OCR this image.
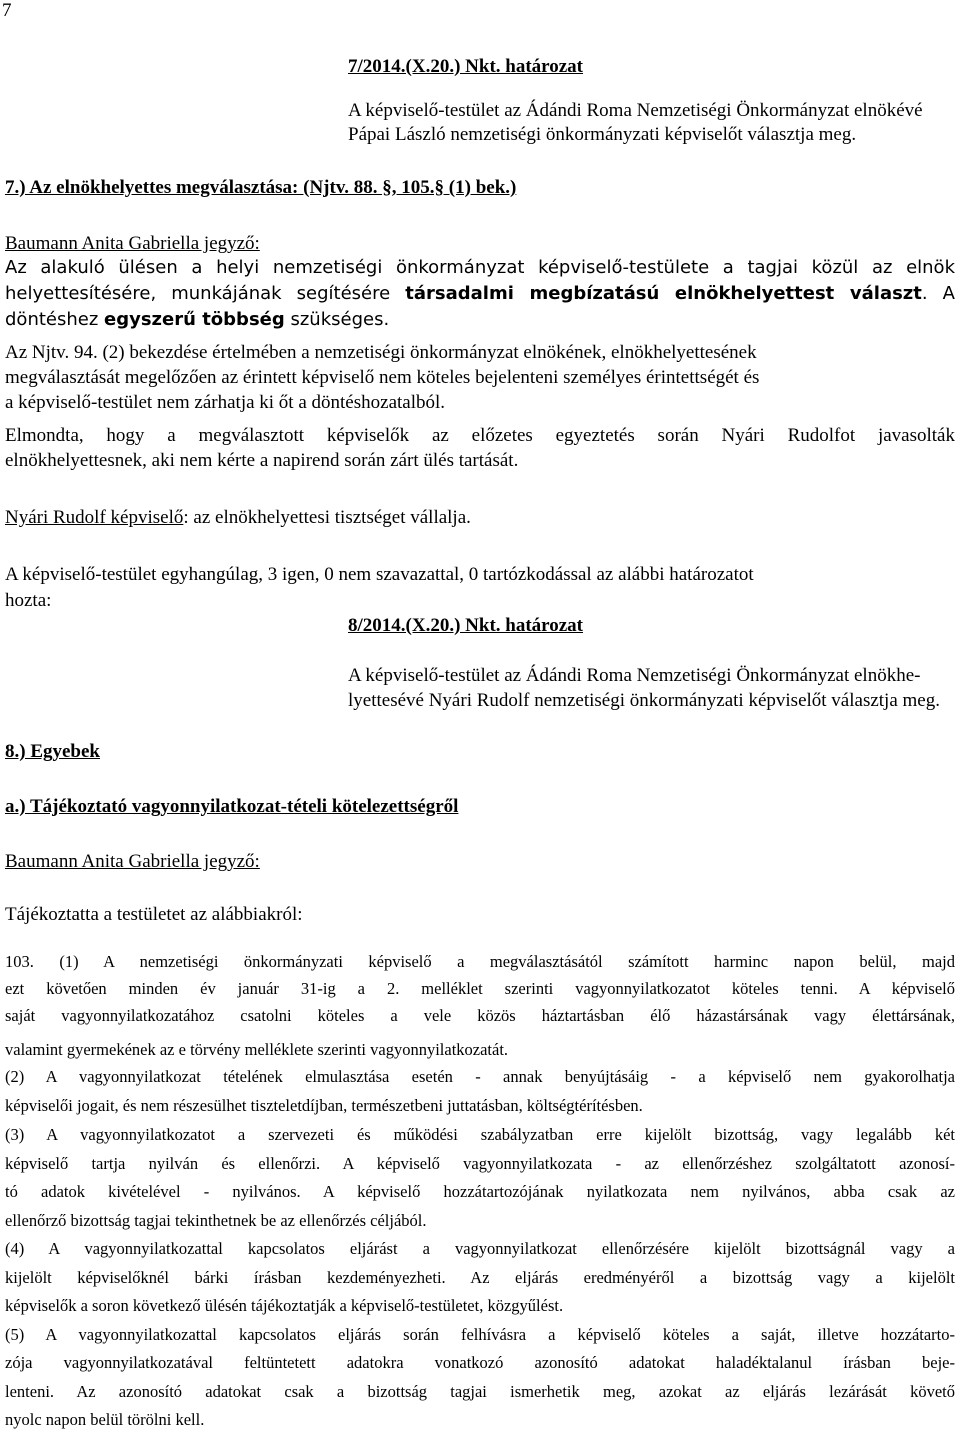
7
7/2014.(X.20.) Nkt. határozat
A képviselő-testület az Ádándi Roma Nemzetiségi Önkormányzat elnökévé
Pápai László nemzetiségi önkormányzati képviselőt választja meg.
7.) Az elnökhelyettes megválasztása: (Njtv. 88. §, 105.§ (1) bek.)
Baumann Anita Gabriella jegyző:
Az alakuló ülésen a helyi nemzetiségi önkormányzat képviselő-testülete a tagjai közül az elnök
helyettesítésére, munkájának segítésére társadalmi megbízatású elnökhelyettest választ. A
döntéshez egyszerű többség szükséges.
Az Njtv. 94. (2) bekezdése értelmében a nemzetiségi önkormányzat elnökének, elnökhelyettesének
megválasztását megelőzően az érintett képviselő nem köteles bejelenteni személyes érintettségét és
a képviselő-testület nem zárhatja ki őt a döntéshozatalból.
Elmondta, hogy a megválasztott képviselők az előzetes egyeztetés során Nyári Rudolfot javasolták
elnökhelyettesnek, aki nem kérte a napirend során zárt ülés tartását.
Nyári Rudolf képviselő: az elnökhelyettesi tisztséget vállalja.
A képviselő-testület egyhangúlag, 3 igen, 0 nem szavazattal, 0 tartózkodással az alábbi határozatot
hozta:
8/2014.(X.20.) Nkt. határozat
A képviselő-testület az Ádándi Roma Nemzetiségi Önkormányzat elnökhe-
lyettesévé Nyári Rudolf nemzetiségi önkormányzati képviselőt választja meg.
8.) Egyebek
a.) Tájékoztató vagyonnyilatkozat-tételi kötelezettségről
Baumann Anita Gabriella jegyző:
Tájékoztatta a testületet az alábbiakról:
103. (1) A nemzetiségi önkormányzati képviselő a megválasztásától számított harminc napon belül, majd
ezt követően minden év január 31-ig a 2. melléklet szerinti vagyonnyilatkozatot köteles tenni. A képviselő
saját vagyonnyilatkozatához csatolni köteles a vele közös háztartásban élő házastársának vagy élettársának,
valamint gyermekének az e törvény melléklete szerinti vagyonnyilatkozatát.
(2) A vagyonnyilatkozat tételének elmulasztása esetén - annak benyújtásáig - a képviselő nem gyakorolhatja
képviselői jogait, és nem részesülhet tiszteletdíjban, természetbeni juttatásban, költségtérítésben.
(3) A vagyonnyilatkozatot a szervezeti és működési szabályzatban erre kijelölt bizottság, vagy legalább két
képviselő tartja nyilván és ellenőrzi. A képviselő vagyonnyilatkozata - az ellenőrzéshez szolgáltatott azonosí-
tó adatok kivételével - nyilvános. A képviselő hozzátartozójának nyilatkozata nem nyilvános, abba csak az
ellenőrző bizottság tagjai tekinthetnek be az ellenőrzés céljából.
(4) A vagyonnyilatkozattal kapcsolatos eljárást a vagyonnyilatkozat ellenőrzésére kijelölt bizottságnál vagy a
kijelölt képviselőknél bárki írásban kezdeményezheti. Az eljárás eredményéről a bizottság vagy a kijelölt
képviselők a soron következő ülésén tájékoztatják a képviselő-testületet, közgyűlést.
(5) A vagyonnyilatkozattal kapcsolatos eljárás során felhívásra a képviselő köteles a saját, illetve hozzátarto-
zója vagyonnyilatkozatával feltüntetett adatokra vonatkozó azonosító adatokat haladéktalanul írásban beje-
lenteni. Az azonosító adatokat csak a bizottság tagjai ismerhetik meg, azokat az eljárás lezárását követő
nyolc napon belül törölni kell.
